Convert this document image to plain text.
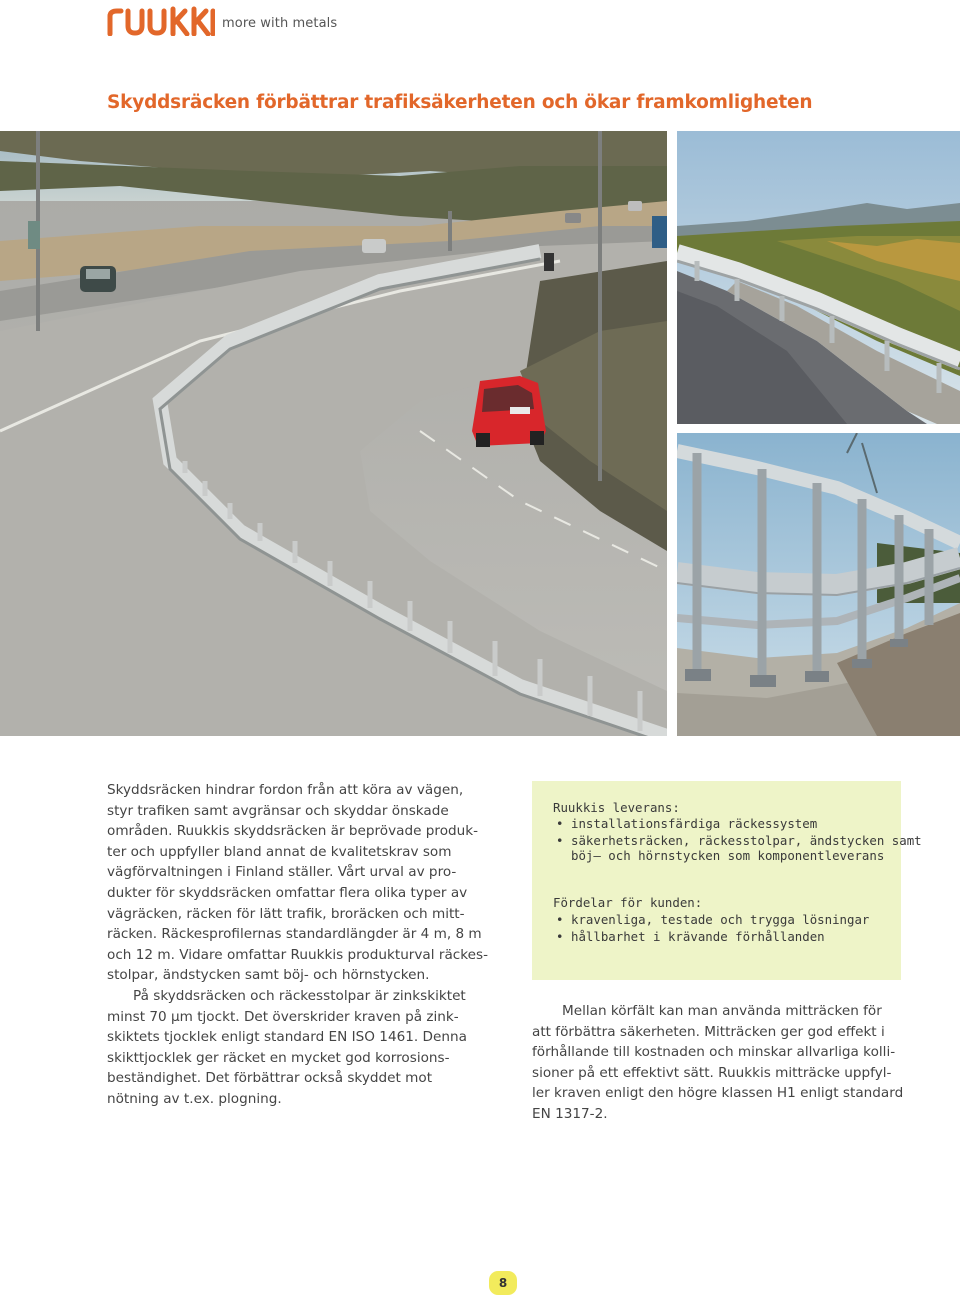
more with metals
Skyddsräcken förbättrar trafiksäkerheten och ökar framkomligheten
Skyddsräcken hindrar fordon från att köra av vägen,
styr trafiken samt avgränsar och skyddar önskade
områden. Ruukkis skyddsräcken är beprövade produk-
ter och uppfyller bland annat de kvalitetskrav som
vägförvaltningen i Finland ställer. Vårt urval av pro-
dukter för skyddsräcken omfattar flera olika typer av
vägräcken, räcken för lätt trafik, broräcken och mitt-
räcken. Räckesprofilernas standardlängder är 4 m, 8 m
och 12 m. Vidare omfattar Ruukkis produkturval räckes-
stolpar, ändstycken samt böj- och hörnstycken.
På skyddsräcken och räckesstolpar är zinkskiktet
minst 70 μm tjockt. Det överskrider kraven på zink-
skiktets tjocklek enligt standard EN ISO 1461. Denna
skikttjocklek ger räcket en mycket god korrosions-
beständighet. Det förbättrar också skyddet mot
nötning av t.ex. plogning.
Ruukkis leverans:
• installationsfärdiga räckessystem
• säkerhetsräcken, räckesstolpar, ändstycken samt
böj– och hörnstycken som komponentleverans
Fördelar för kunden:
• kravenliga, testade och trygga lösningar
• hållbarhet i krävande förhållanden
Mellan körfält kan man använda mitträcken för
att förbättra säkerheten. Mitträcken ger god effekt i
förhållande till kostnaden och minskar allvarliga kolli-
sioner på ett effektivt sätt. Ruukkis mitträcke uppfyl-
ler kraven enligt den högre klassen H1 enligt standard
EN 1317-2.
8
